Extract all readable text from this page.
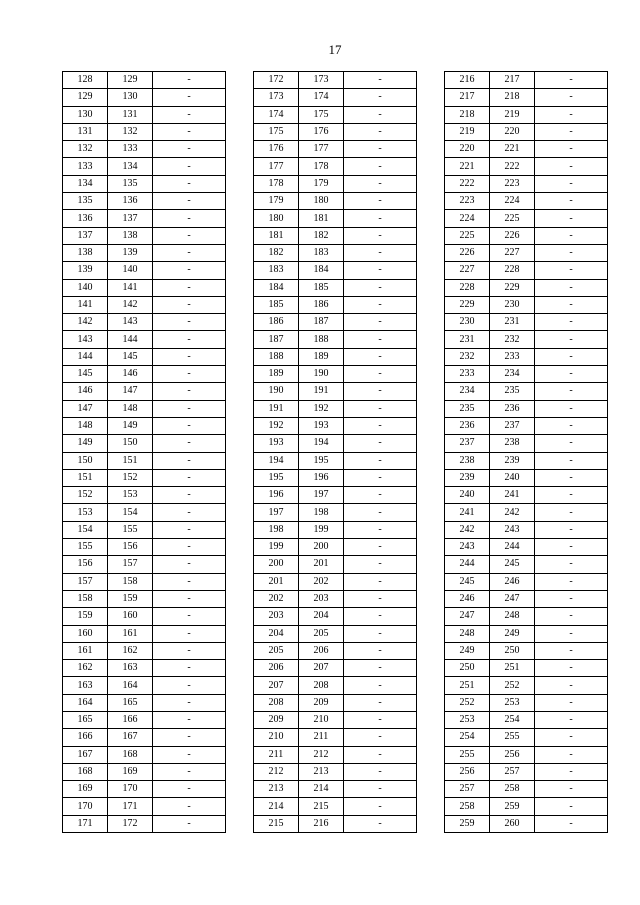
17
128	129	-
129	130	-
130	131	-
131	132	-
132	133	-
133	134	-
134	135	-
135	136	-
136	137	-
137	138	-
138	139	-
139	140	-
140	141	-
141	142	-
142	143	-
143	144	-
144	145	-
145	146	-
146	147	-
147	148	-
148	149	-
149	150	-
150	151	-
151	152	-
152	153	-
153	154	-
154	155	-
155	156	-
156	157	-
157	158	-
158	159	-
159	160	-
160	161	-
161	162	-
162	163	-
163	164	-
164	165	-
165	166	-
166	167	-
167	168	-
168	169	-
169	170	-
170	171	-
171	172	-
172	173	-
173	174	-
174	175	-
175	176	-
176	177	-
177	178	-
178	179	-
179	180	-
180	181	-
181	182	-
182	183	-
183	184	-
184	185	-
185	186	-
186	187	-
187	188	-
188	189	-
189	190	-
190	191	-
191	192	-
192	193	-
193	194	-
194	195	-
195	196	-
196	197	-
197	198	-
198	199	-
199	200	-
200	201	-
201	202	-
202	203	-
203	204	-
204	205	-
205	206	-
206	207	-
207	208	-
208	209	-
209	210	-
210	211	-
211	212	-
212	213	-
213	214	-
214	215	-
215	216	-
216	217	-
217	218	-
218	219	-
219	220	-
220	221	-
221	222	-
222	223	-
223	224	-
224	225	-
225	226	-
226	227	-
227	228	-
228	229	-
229	230	-
230	231	-
231	232	-
232	233	-
233	234	-
234	235	-
235	236	-
236	237	-
237	238	-
238	239	-
239	240	-
240	241	-
241	242	-
242	243	-
243	244	-
244	245	-
245	246	-
246	247	-
247	248	-
248	249	-
249	250	-
250	251	-
251	252	-
252	253	-
253	254	-
254	255	-
255	256	-
256	257	-
257	258	-
258	259	-
259	260	-
